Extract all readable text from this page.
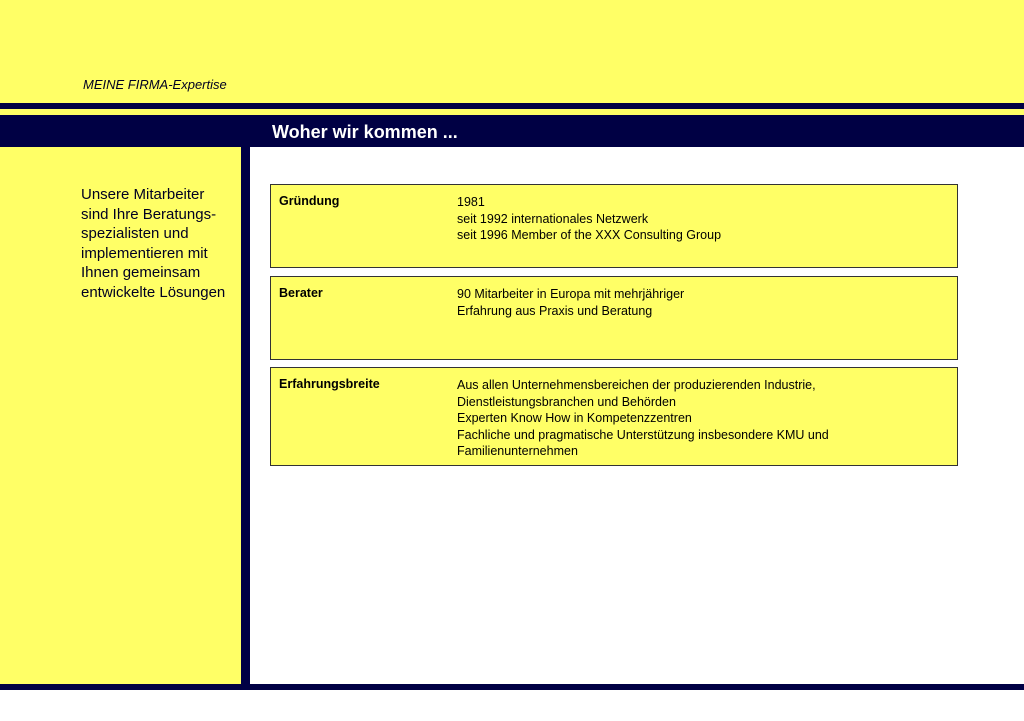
MEINE FIRMA-Expertise
Woher wir kommen ...
Unsere Mitarbeiter sind Ihre Beratungs-spezialisten und implementieren mit Ihnen gemeinsam entwickelte Lösungen
Gründung	1981
seit 1992 internationales Netzwerk
seit 1996 Member of the XXX Consulting Group
Berater	90 Mitarbeiter in Europa mit mehrjähriger
Erfahrung aus Praxis und Beratung
Erfahrungsbreite	Aus allen Unternehmensbereichen der produzierenden Industrie,
Dienstleistungsbranchen und Behörden
Experten Know How in Kompetenzzentren
Fachliche und pragmatische Unterstützung insbesondere KMU und
Familienunternehmen
